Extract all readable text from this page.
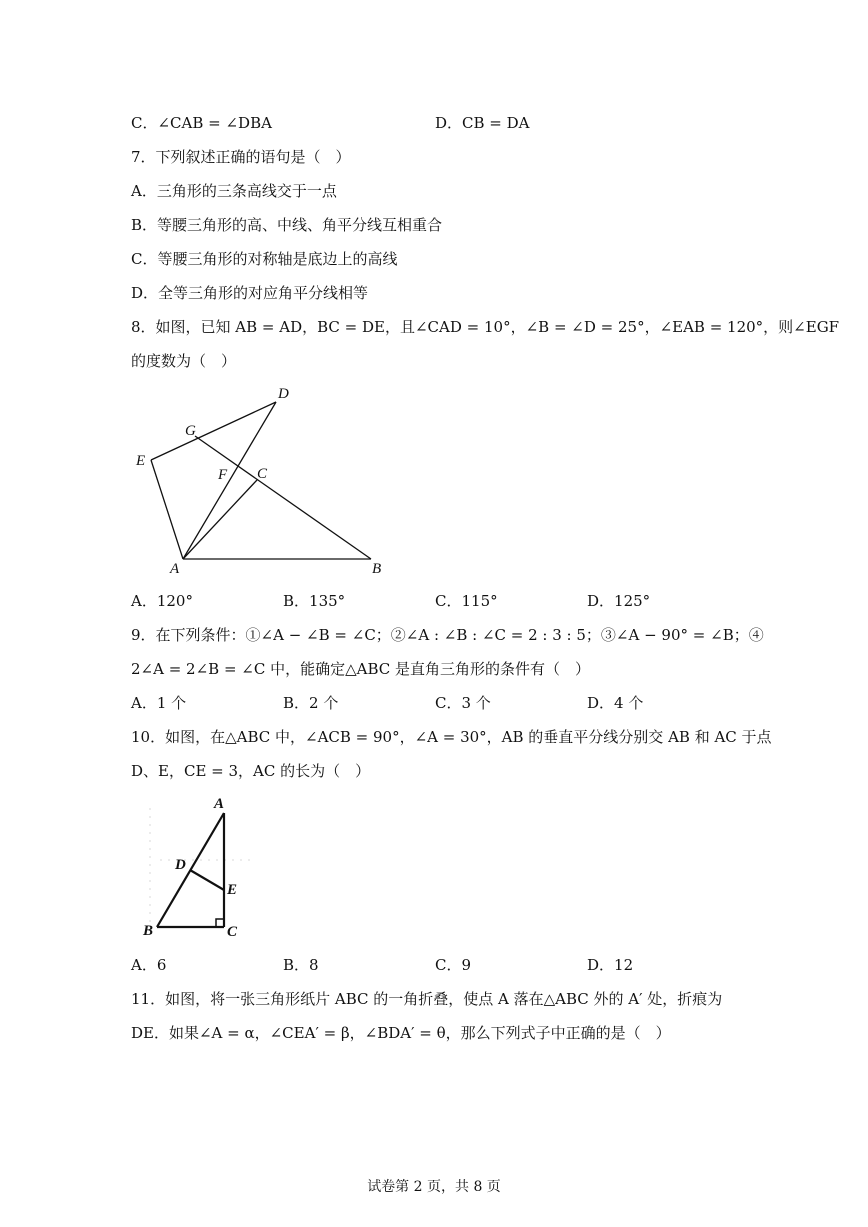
C．∠CAB = ∠DBA	D．CB = DA
7．下列叙述正确的语句是（　）
A．三角形的三条高线交于一点
B．等腰三角形的高、中线、角平分线互相重合
C．等腰三角形的对称轴是底边上的高线
D．全等三角形的对应角平分线相等
8．如图，已知 AB = AD，BC = DE，且∠CAD = 10°，∠B = ∠D = 25°，∠EAB = 120°，则∠EGF
的度数为（　）
D
G
E
F C
A	B
A．120°	B．135°	C．115°	D．125°
9．在下列条件：①∠A − ∠B = ∠C；②∠A : ∠B : ∠C = 2 : 3 : 5；③∠A − 90° = ∠B；④
2∠A = 2∠B = ∠C 中，能确定△ABC 是直角三角形的条件有（　）
A．1 个	B．2 个	C．3 个	D．4 个
10．如图，在△ABC 中，∠ACB = 90°，∠A = 30°，AB 的垂直平分线分别交 AB 和 AC 于点
D、E，CE = 3，AC 的长为（　）
A
D
E
B	C
A．6	B．8	C．9	D．12
11．如图，将一张三角形纸片 ABC 的一角折叠，使点 A 落在△ABC 外的 A′ 处，折痕为
DE．如果∠A = α，∠CEA′ = β，∠BDA′ = θ，那么下列式子中正确的是（　）
试卷第 2 页，共 8 页
